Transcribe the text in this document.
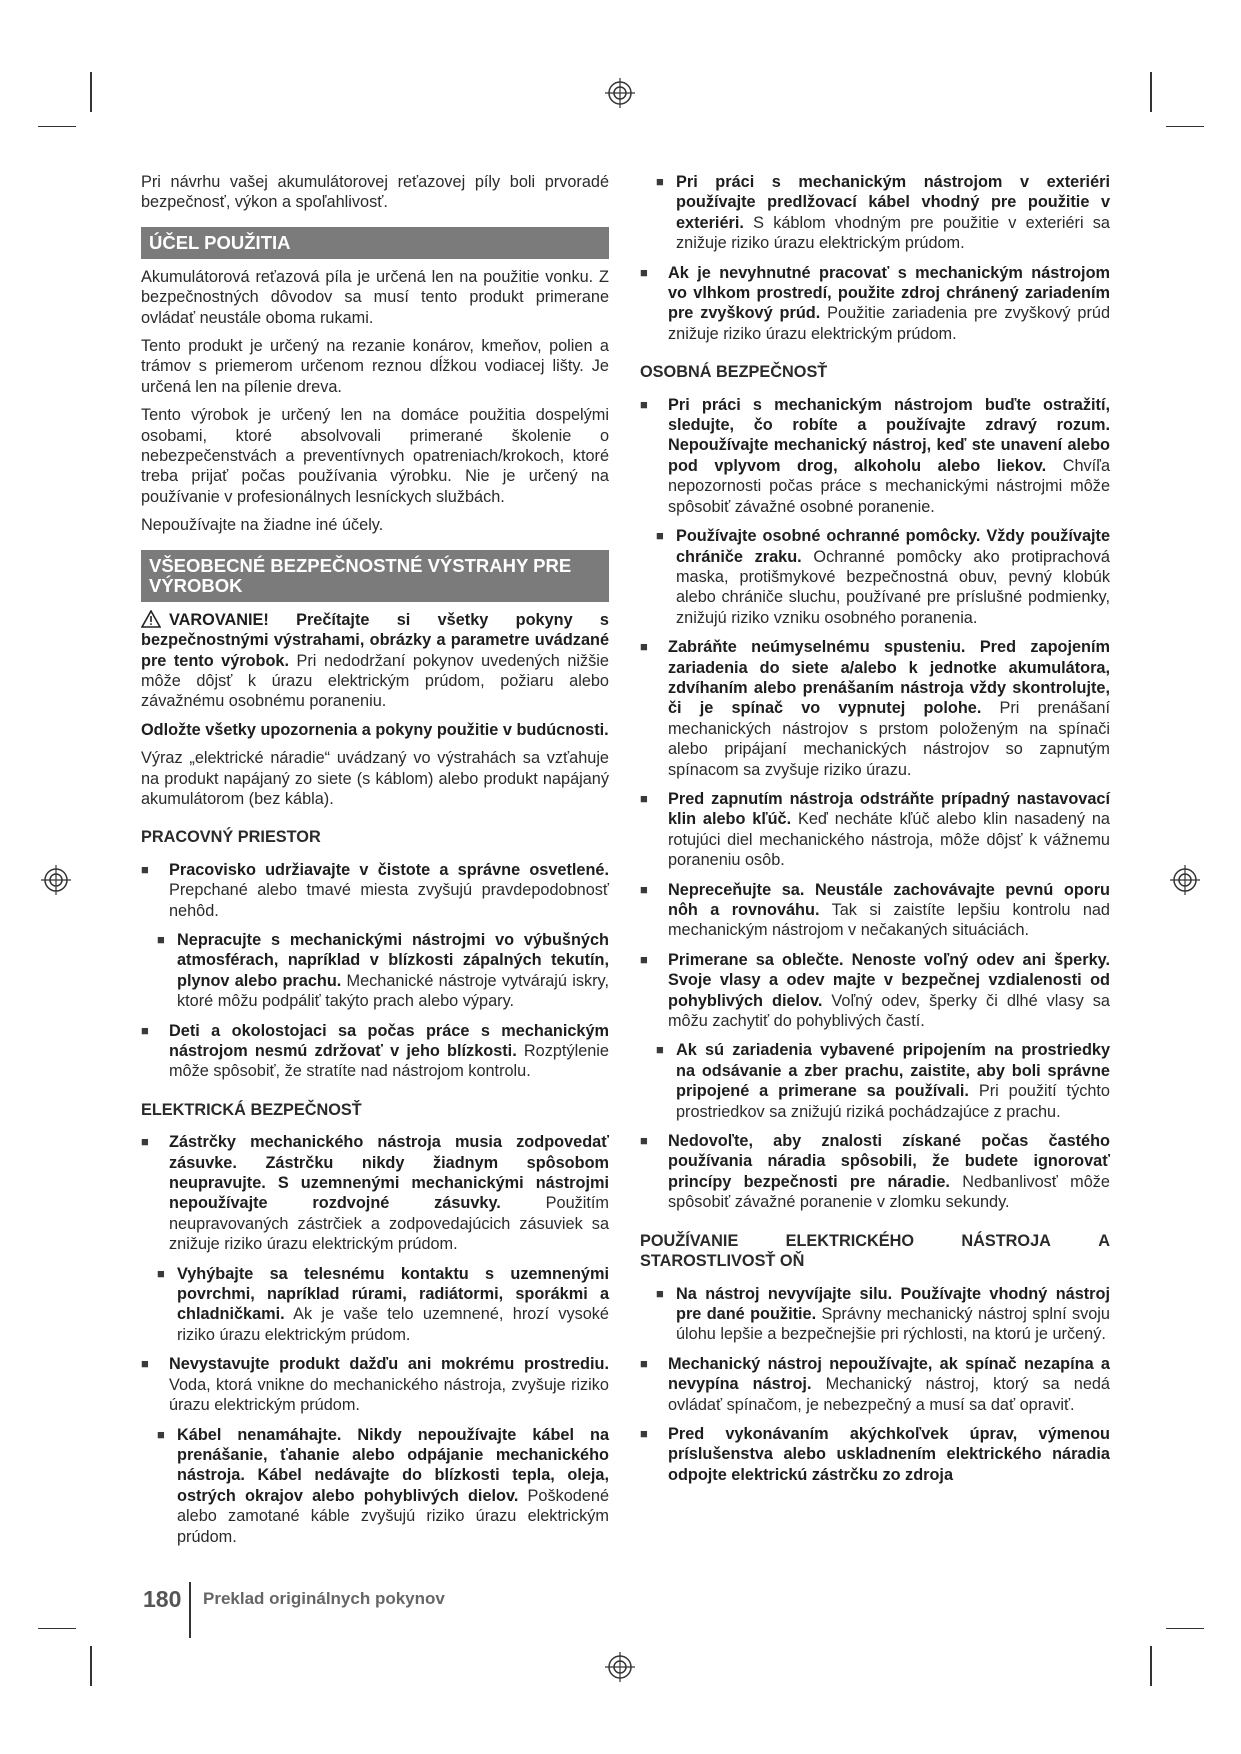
Pri návrhu vašej akumulátorovej reťazovej píly boli prvoradé bezpečnosť, výkon a spoľahlivosť.

ÚČEL POUŽITIA

Akumulátorová reťazová píla je určená len na použitie vonku. Z bezpečnostných dôvodov sa musí tento produkt primerane ovládať neustále oboma rukami.

Tento produkt je určený na rezanie konárov, kmeňov, polien a trámov s priemerom určenom reznou dĺžkou vodiacej lišty. Je určená len na pílenie dreva.

Tento výrobok je určený len na domáce použitia dospelými osobami, ktoré absolvovali primerané školenie o nebezpečenstvách a preventívnych opatreniach/krokoch, ktoré treba prijať počas používania výrobku. Nie je určený na používanie v profesionálnych lesníckych službách.

Nepoužívajte na žiadne iné účely.

VŠEOBECNÉ BEZPEČNOSTNÉ VÝSTRAHY PRE VÝROBOK

VAROVANIE! Prečítajte si všetky pokyny s bezpečnostnými výstrahami, obrázky a parametre uvádzané pre tento výrobok. Pri nedodržaní pokynov uvedených nižšie môže dôjsť k úrazu elektrickým prúdom, požiaru alebo závažnému osobnému poraneniu.

Odložte všetky upozornenia a pokyny použitie v budúcnosti.

Výraz „elektrické náradie“ uvádzaný vo výstrahách sa vzťahuje na produkt napájaný zo siete (s káblom) alebo produkt napájaný akumulátorom (bez kábla).

PRACOVNÝ PRIESTOR
■ Pracovisko udržiavajte v čistote a správne osvetlené. Prepchané alebo tmavé miesta zvyšujú pravdepodobnosť nehôd.
■ Nepracujte s mechanickými nástrojmi vo výbušných atmosférach, napríklad v blízkosti zápalných tekutín, plynov alebo prachu. Mechanické nástroje vytvárajú iskry, ktoré môžu podpáliť takýto prach alebo výpary.
■ Deti a okolostojaci sa počas práce s mechanickým nástrojom nesmú zdržovať v jeho blízkosti. Rozptýlenie môže spôsobiť, že stratíte nad nástrojom kontrolu.
ELEKTRICKÁ BEZPEČNOSŤ
■ Zástrčky mechanického nástroja musia zodpovedať zásuvke. Zástrčku nikdy žiadnym spôsobom neupravujte. S uzemnenými mechanickými nástrojmi nepoužívajte rozdvojné zásuvky. Použitím neupravovaných zástrčiek a zodpovedajúcich zásuviek sa znižuje riziko úrazu elektrickým prúdom.
■ Vyhýbajte sa telesnému kontaktu s uzemnenými povrchmi, napríklad rúrami, radiátormi, sporákmi a chladničkami. Ak je vaše telo uzemnené, hrozí vysoké riziko úrazu elektrickým prúdom.
■ Nevystavujte produkt dažďu ani mokrému prostrediu. Voda, ktorá vnikne do mechanického nástroja, zvyšuje riziko úrazu elektrickým prúdom.
■ Kábel nenamáhajte. Nikdy nepoužívajte kábel na prenášanie, ťahanie alebo odpájanie mechanického nástroja. Kábel nedávajte do blízkosti tepla, oleja, ostrých okrajov alebo pohyblivých dielov. Poškodené alebo zamotané káble zvyšujú riziko úrazu elektrickým prúdom.
■ Pri práci s mechanickým nástrojom v exteriéri používajte predlžovací kábel vhodný pre použitie v exteriéri. S káblom vhodným pre použitie v exteriéri sa znižuje riziko úrazu elektrickým prúdom.
■ Ak je nevyhnutné pracovať s mechanickým nástrojom vo vlhkom prostredí, použite zdroj chránený zariadením pre zvyškový prúd. Použitie zariadenia pre zvyškový prúd znižuje riziko úrazu elektrickým prúdom.
OSOBNÁ BEZPEČNOSŤ
■ Pri práci s mechanickým nástrojom buďte ostražití, sledujte, čo robíte a používajte zdravý rozum. Nepoužívajte mechanický nástroj, keď ste unavení alebo pod vplyvom drog, alkoholu alebo liekov. Chvíľa nepozornosti počas práce s mechanickými nástrojmi môže spôsobiť závažné osobné poranenie.
■ Používajte osobné ochranné pomôcky. Vždy používajte chrániče zraku. Ochranné pomôcky ako protiprachová maska, protišmykové bezpečnostná obuv, pevný klobúk alebo chrániče sluchu, používané pre príslušné podmienky, znižujú riziko vzniku osobného poranenia.
■ Zabráňte neúmyselnému spusteniu. Pred zapojením zariadenia do siete a/alebo k jednotke akumulátora, zdvíhaním alebo prenášaním nástroja vždy skontrolujte, či je spínač vo vypnutej polohe. Pri prenášaní mechanických nástrojov s prstom položeným na spínači alebo pripájaní mechanických nástrojov so zapnutým spínacom sa zvyšuje riziko úrazu.
■ Pred zapnutím nástroja odstráňte prípadný nastavovací klin alebo kľúč. Keď necháte kľúč alebo klin nasadený na rotujúci diel mechanického nástroja, môže dôjsť k vážnemu poraneniu osôb.
■ Nepreceňujte sa. Neustále zachovávajte pevnú oporu nôh a rovnováhu. Tak si zaistíte lepšiu kontrolu nad mechanickým nástrojom v nečakaných situáciách.
■ Primerane sa oblečte. Nenoste voľný odev ani šperky. Svoje vlasy a odev majte v bezpečnej vzdialenosti od pohyblivých dielov. Voľný odev, šperky či dlhé vlasy sa môžu zachytiť do pohyblivých častí.
■ Ak sú zariadenia vybavené pripojením na prostriedky na odsávanie a zber prachu, zaistite, aby boli správne pripojené a primerane sa používali. Pri použití týchto prostriedkov sa znižujú riziká pochádzajúce z prachu.
■ Nedovoľte, aby znalosti získané počas častého používania náradia spôsobili, že budete ignorovať princípy bezpečnosti pre náradie. Nedbanlivosť môže spôsobiť závažné poranenie v zlomku sekundy.
POUŽÍVANIE	ELEKTRICKÉHO	NÁSTROJA	A
STAROSTLIVOSŤ OŇ
■ Na nástroj nevyvíjajte silu. Používajte vhodný nástroj pre dané použitie. Správny mechanický nástroj splní svoju úlohu lepšie a bezpečnejšie pri rýchlosti, na ktorú je určený.
■ Mechanický nástroj nepoužívajte, ak spínač nezapína a nevypína nástroj. Mechanický nástroj, ktorý sa nedá ovládať spínačom, je nebezpečný a musí sa dať opraviť.
■ Pred vykonávaním akýchkoľvek úprav, výmenou príslušenstva alebo uskladnením elektrického náradia odpojte elektrickú zástrčku zo zdroja
180 Preklad originálnych pokynov
